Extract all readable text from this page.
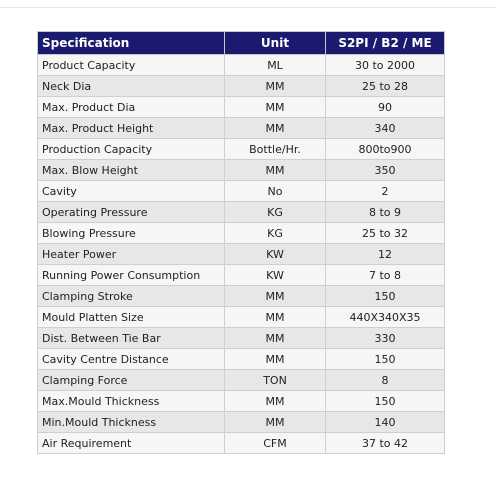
Specification	Unit	S2PI / B2 / ME
Product Capacity	ML	30 to 2000
Neck Dia	MM	25 to 28
Max. Product Dia	MM	90
Max. Product Height	MM	340
Production Capacity	Bottle/Hr.	800to900
Max. Blow Height	MM	350
Cavity	No	2
Operating Pressure	KG	8 to 9
Blowing Pressure	KG	25 to 32
Heater Power	KW	12
Running Power Consumption	KW	7 to 8
Clamping Stroke	MM	150
Mould Platten Size	MM	440X340X35
Dist. Between Tie Bar	MM	330
Cavity Centre Distance	MM	150
Clamping Force	TON	8
Max.Mould Thickness	MM	150
Min.Mould Thickness	MM	140
Air Requirement	CFM	37 to 42
